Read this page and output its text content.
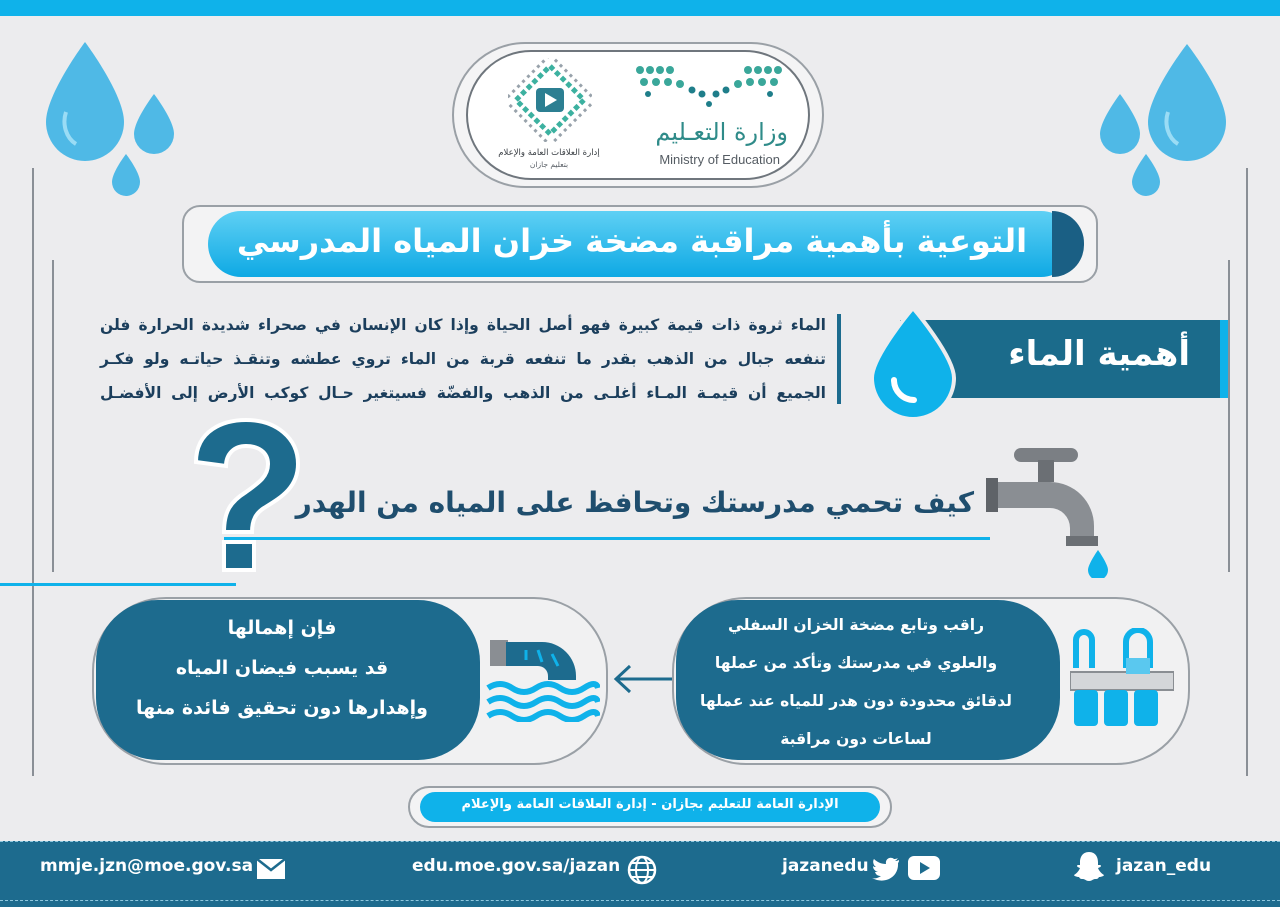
وزارة التعـليم
Ministry of Education
إدارة العلاقات العامة والإعلام
بتعليم جازان
التوعية بأهمية مراقبة مضخة خزان المياه المدرسي
الماء ثروة ذات قيمة كبيرة فهو أصل الحياة وإذا كان الإنسان في صحراء شديدة الحرارة فلن
تنفعه جبال من الذهب بقدر ما تنفعه قربة من الماء تروي عطشه وتنقـذ حياتـه ولو فكـر
الجميع أن قيمـة المـاء أغلـى من الذهب والفضّة فسيتغير حـال كوكب الأرض إلى الأفضـل
أهمية الماء
كيف تحمي مدرستك وتحافظ على المياه من الهدر
راقب وتابع مضخة الخزان السفلي
والعلوي في مدرستك وتأكد من عملها
لدقائق محدودة دون هدر للمياه عند عملها
لساعات دون مراقبة
فإن إهمالها
قد يسبب فيضان المياه
وإهدارها دون تحقيق فائدة منها
الإدارة العامة للتعليم بجازان - إدارة العلاقات العامة والإعلام
mmje.jzn@moe.gov.sa	edu.moe.gov.sa/jazan	jazanedu	jazan_edu
